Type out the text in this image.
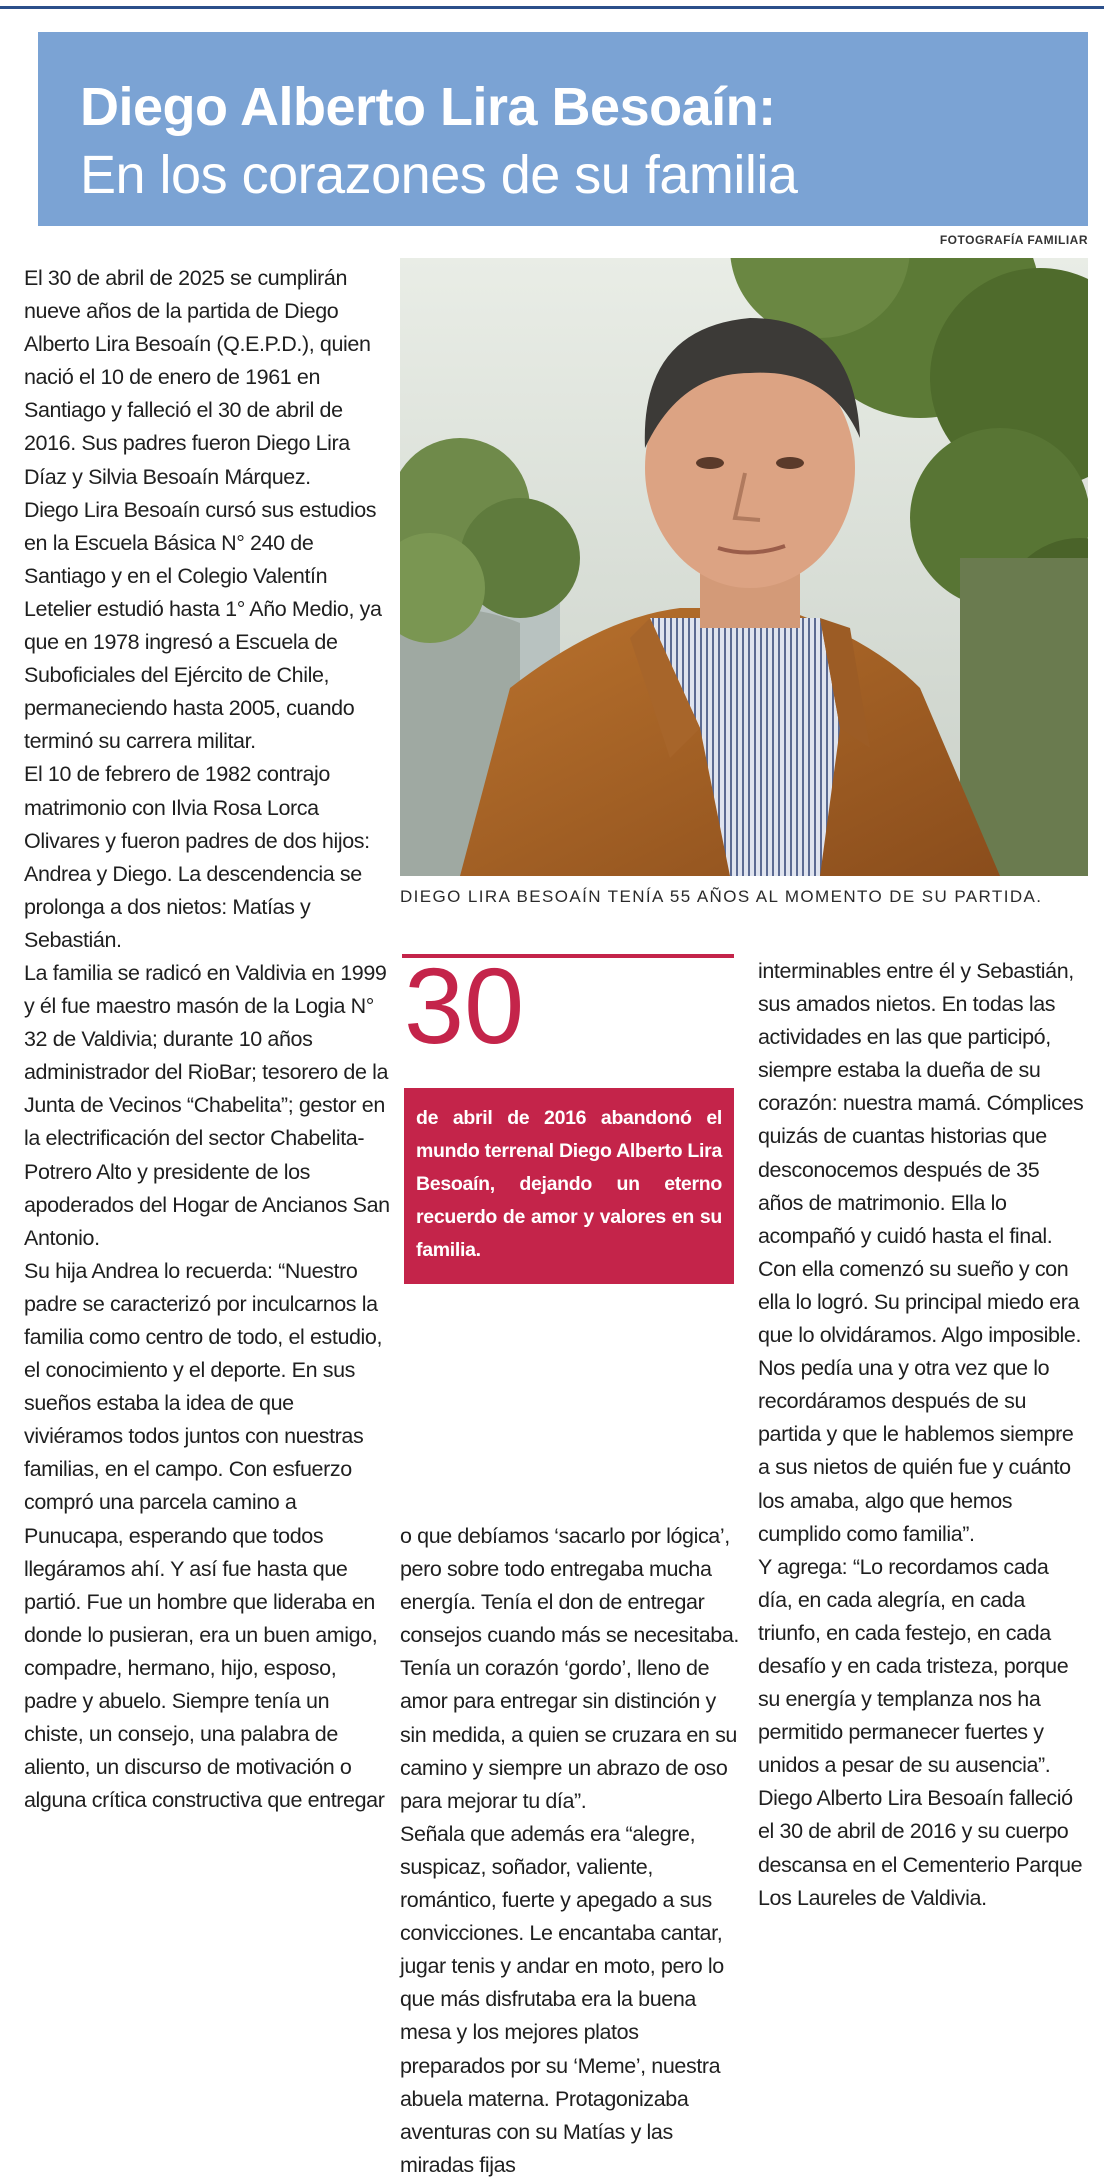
Diego Alberto Lira Besoaín:
En los corazones de su familia
FOTOGRAFÍA FAMILIAR

El 30 de abril de 2025 se cumplirán nueve años de la partida de Diego Alberto Lira Besoaín (Q.E.P.D.), quien nació el 10 de enero de 1961 en Santiago y falleció el 30 de abril de 2016. Sus padres fueron Diego Lira Díaz y Silvia Besoaín Márquez.

Diego Lira Besoaín cursó sus estudios en la Escuela Básica N° 240 de Santiago y en el Colegio Valentín Letelier estudió hasta 1° Año Medio, ya que en 1978 ingresó a Escuela de Suboficiales del Ejército de Chile, permaneciendo hasta 2005, cuando terminó su carrera militar.

El 10 de febrero de 1982 contrajo matrimonio con Ilvia Rosa Lorca Olivares y fueron padres de dos hijos: Andrea y Diego. La descendencia se prolonga a dos nietos: Matías y Sebastián.

La familia se radicó en Valdivia en 1999 y él fue maestro masón de la Logia N° 32 de Valdivia; durante 10 años administrador del RioBar; tesorero de la Junta de Vecinos “Chabelita”; gestor en la electrificación del sector Chabelita-Potrero Alto y presidente de los apoderados del Hogar de Ancianos San Antonio.

Su hija Andrea lo recuerda: “Nuestro padre se caracterizó por inculcarnos la familia como centro de todo, el estudio, el conocimiento y el deporte. En sus sueños estaba la idea de que viviéramos todos juntos con nuestras familias, en el campo. Con esfuerzo compró una parcela camino a Punucapa, esperando que todos llegáramos ahí. Y así fue hasta que partió. Fue un hombre que lideraba en donde lo pusieran, era un buen amigo, compadre, hermano, hijo, esposo, padre y abuelo. Siempre tenía un chiste, un consejo, una palabra de aliento, un discurso de motivación o alguna crítica constructiva que entregar

DIEGO LIRA BESOAÍN TENÍA 55 AÑOS AL MOMENTO DE SU PARTIDA.
30
de abril de 2016 abandonó el mundo terrenal Diego Alberto Lira Besoaín, dejando un eterno recuerdo de amor y valores en su familia.

o que debíamos ‘sacarlo por lógica’, pero sobre todo entregaba mucha energía. Tenía el don de entregar consejos cuando más se necesitaba. Tenía un corazón ‘gordo’, lleno de amor para entregar sin distinción y sin medida, a quien se cruzara en su camino y siempre un abrazo de oso para mejorar tu día”.

Señala que además era “alegre, suspicaz, soñador, valiente, romántico, fuerte y apegado a sus convicciones. Le encantaba cantar, jugar tenis y andar en moto, pero lo que más disfrutaba era la buena mesa y los mejores platos preparados por su ‘Meme’, nuestra abuela materna. Protagonizaba aventuras con su Matías y las miradas fijas

interminables entre él y Sebastián, sus amados nietos. En todas las actividades en las que participó, siempre estaba la dueña de su corazón: nuestra mamá. Cómplices quizás de cuantas historias que desconocemos después de 35 años de matrimonio. Ella lo acompañó y cuidó hasta el final. Con ella comenzó su sueño y con ella lo logró. Su principal miedo era que lo olvidáramos. Algo imposible. Nos pedía una y otra vez que lo recordáramos después de su partida y que le hablemos siempre a sus nietos de quién fue y cuánto los amaba, algo que hemos cumplido como familia”.

Y agrega: “Lo recordamos cada día, en cada alegría, en cada triunfo, en cada festejo, en cada desafío y en cada tristeza, porque su energía y templanza nos ha permitido permanecer fuertes y unidos a pesar de su ausencia”.

Diego Alberto Lira Besoaín falleció el 30 de abril de 2016 y su cuerpo descansa en el Cementerio Parque Los Laureles de Valdivia.
